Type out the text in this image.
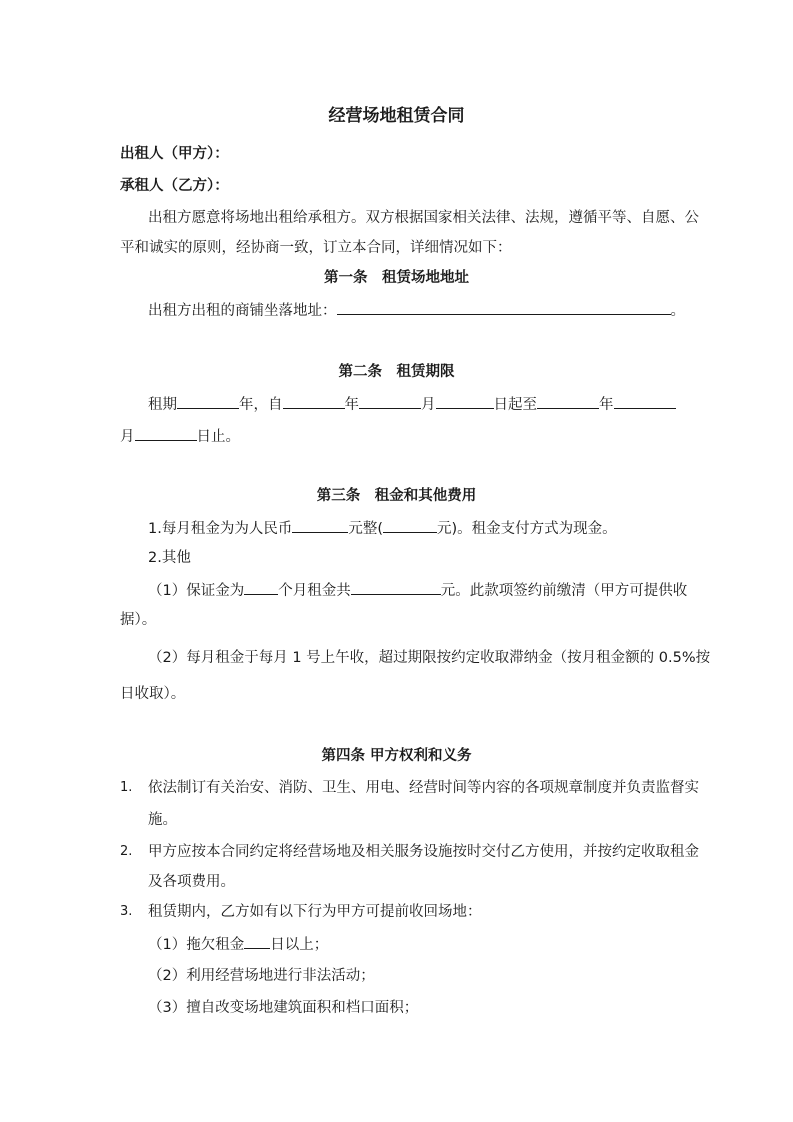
经营场地租赁合同
出租人（甲方）：
承租人（乙方）：
出租方愿意将场地出租给承租方。双方根据国家相关法律、法规，遵循平等、自愿、公
平和诚实的原则，经协商一致，订立本合同，详细情况如下：
第一条　租赁场地地址
出租方出租的商铺坐落地址：	。
第二条　租赁期限
租期	年，自	年	月	日起至	年
月	日止。
第三条　租金和其他费用
1.每月租金为为人民币	元整(	元)。租金支付方式为现金。
2.其他
（1）保证金为 个月租金共	元。此款项签约前缴清（甲方可提供收
据）。
（2）每月租金于每月 1 号上午收，超过期限按约定收取滞纳金（按月租金额的 0.5%按
日收取）。
第四条 甲方权利和义务
1. 依法制订有关治安、消防、卫生、用电、经营时间等内容的各项规章制度并负责监督实
施。
2. 甲方应按本合同约定将经营场地及相关服务设施按时交付乙方使用，并按约定收取租金
及各项费用。
3. 租赁期内，乙方如有以下行为甲方可提前收回场地：
（1）拖欠租金 日以上；
（2）利用经营场地进行非法活动；
（3）擅自改变场地建筑面积和档口面积；
